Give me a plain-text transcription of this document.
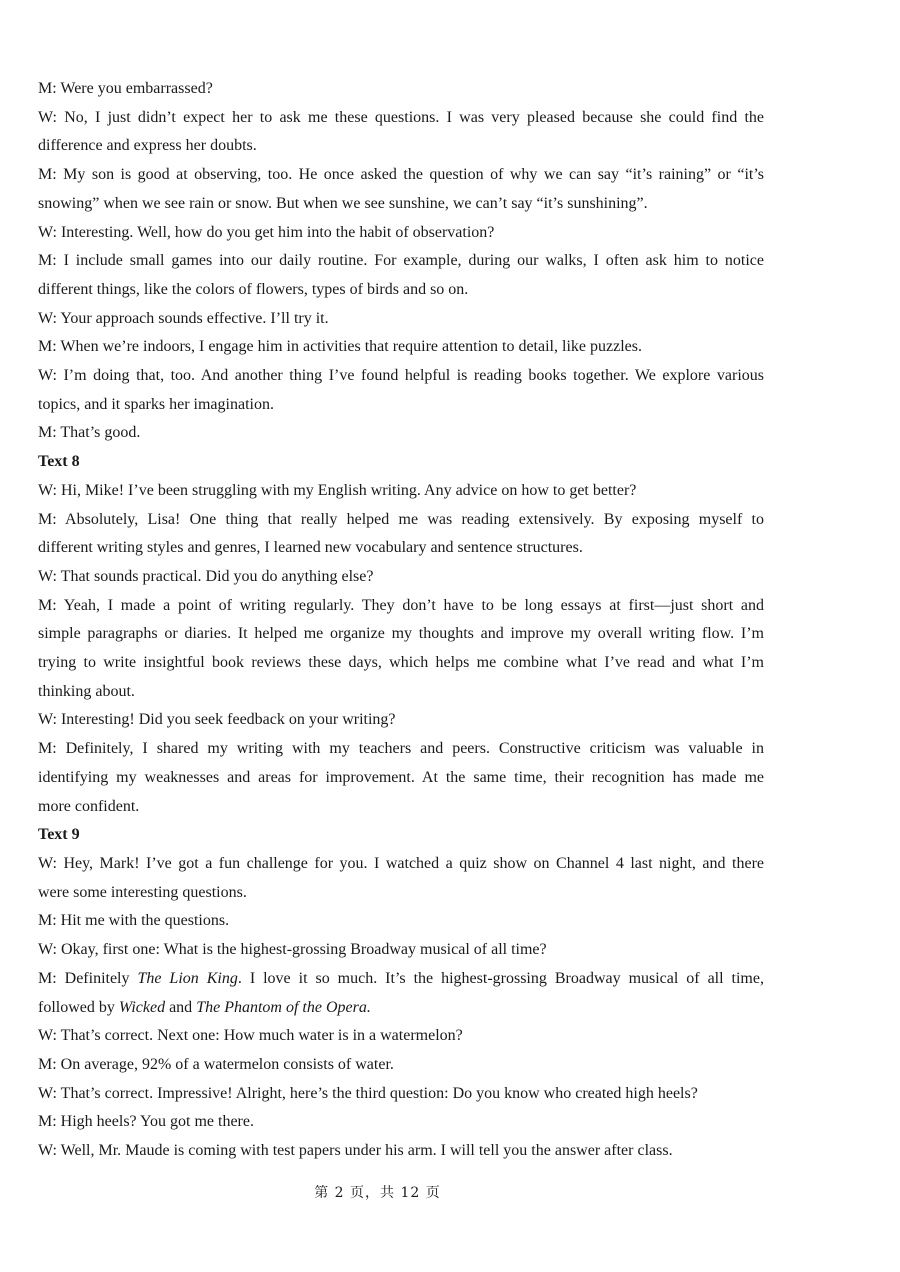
M: Were you embarrassed?
W: No, I just didn’t expect her to ask me these questions. I was very pleased because she could find the
difference and express her doubts.
M: My son is good at observing, too. He once asked the question of why we can say “it’s raining” or “it’s
snowing” when we see rain or snow. But when we see sunshine, we can’t say “it’s sunshining”.
W: Interesting. Well, how do you get him into the habit of observation?
M: I include small games into our daily routine. For example, during our walks, I often ask him to notice
different things, like the colors of flowers, types of birds and so on.
W: Your approach sounds effective. I’ll try it.
M: When we’re indoors, I engage him in activities that require attention to detail, like puzzles.
W: I’m doing that, too. And another thing I’ve found helpful is reading books together. We explore various
topics, and it sparks her imagination.
M: That’s good.
Text 8
W: Hi, Mike! I’ve been struggling with my English writing. Any advice on how to get better?
M: Absolutely, Lisa! One thing that really helped me was reading extensively. By exposing myself to
different writing styles and genres, I learned new vocabulary and sentence structures.
W: That sounds practical. Did you do anything else?
M: Yeah, I made a point of writing regularly. They don’t have to be long essays at first—just short and
simple paragraphs or diaries. It helped me organize my thoughts and improve my overall writing flow. I’m
trying to write insightful book reviews these days, which helps me combine what I’ve read and what I’m
thinking about.
W: Interesting! Did you seek feedback on your writing?
M: Definitely, I shared my writing with my teachers and peers. Constructive criticism was valuable in
identifying my weaknesses and areas for improvement. At the same time, their recognition has made me
more confident.
Text 9
W: Hey, Mark! I’ve got a fun challenge for you. I watched a quiz show on Channel 4 last night, and there
were some interesting questions.
M: Hit me with the questions.
W: Okay, first one: What is the highest-grossing Broadway musical of all time?
M: Definitely The Lion King. I love it so much. It’s the highest-grossing Broadway musical of all time,
followed by Wicked and The Phantom of the Opera.
W: That’s correct. Next one: How much water is in a watermelon?
M: On average, 92% of a watermelon consists of water.
W: That’s correct. Impressive! Alright, here’s the third question: Do you know who created high heels?
M: High heels? You got me there.
W: Well, Mr. Maude is coming with test papers under his arm. I will tell you the answer after class.
第 2 页，共 12 页
